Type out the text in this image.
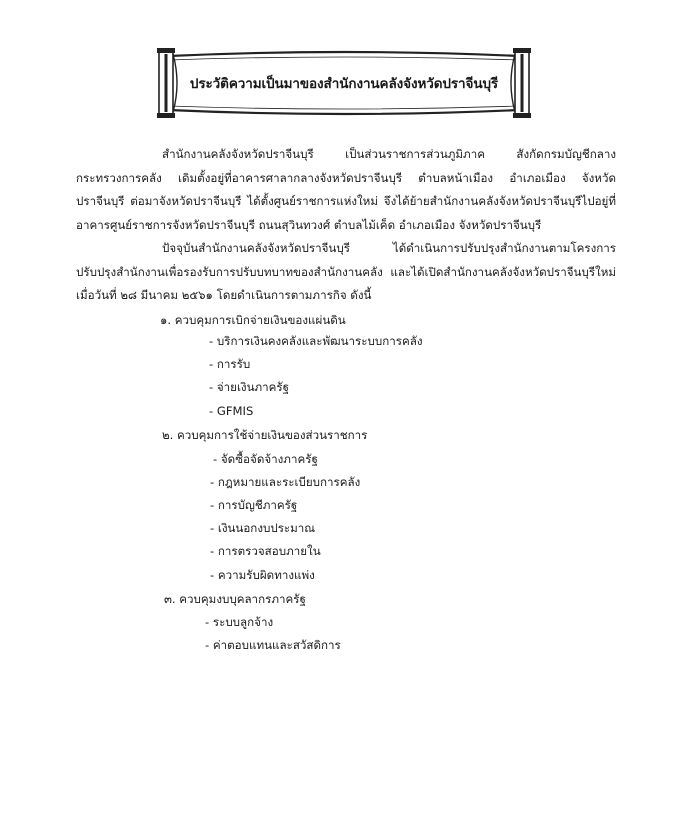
ประวัติความเป็นมาของสำนักงานคลังจังหวัดปราจีนบุรี
สำนักงานคลังจังหวัดปราจีนบุรี เป็นส่วนราชการส่วนภูมิภาค สังกัดกรมบัญชีกลาง
กระทรวงการคลัง เดิมตั้งอยู่ที่อาคารศาลากลางจังหวัดปราจีนบุรี ตำบลหน้าเมือง อำเภอเมือง จังหวัด
ปราจีนบุรี ต่อมาจังหวัดปราจีนบุรี ได้ตั้งศูนย์ราชการแห่งใหม่ จึงได้ย้ายสำนักงานคลังจังหวัดปราจีนบุรีไปอยู่ที่
อาคารศูนย์ราชการจังหวัดปราจีนบุรี ถนนสุวินทวงศ์ ตำบลไม้เค็ด อำเภอเมือง จังหวัดปราจีนบุรี
ปัจจุบันสำนักงานคลังจังหวัดปราจีนบุรี ได้ดำเนินการปรับปรุงสำนักงานตามโครงการ
ปรับปรุงสำนักงานเพื่อรองรับการปรับบทบาทของสำนักงานคลัง และได้เปิดสำนักงานคลังจังหวัดปราจีนบุรีใหม่
เมื่อวันที่ ๒๘ มีนาคม ๒๕๖๑ โดยดำเนินการตามภารกิจ ดังนี้
๑. ควบคุมการเบิกจ่ายเงินของแผ่นดิน
- บริการเงินคงคลังและพัฒนาระบบการคลัง
- การรับ
- จ่ายเงินภาครัฐ
- GFMIS
๒. ควบคุมการใช้จ่ายเงินของส่วนราชการ
- จัดซื้อจัดจ้างภาครัฐ
- กฎหมายและระเบียบการคลัง
- การบัญชีภาครัฐ
- เงินนอกงบประมาณ
- การตรวจสอบภายใน
- ความรับผิดทางแพ่ง
๓. ควบคุมงบบุคลากรภาครัฐ
- ระบบลูกจ้าง
- ค่าตอบแทนและสวัสดิการ
